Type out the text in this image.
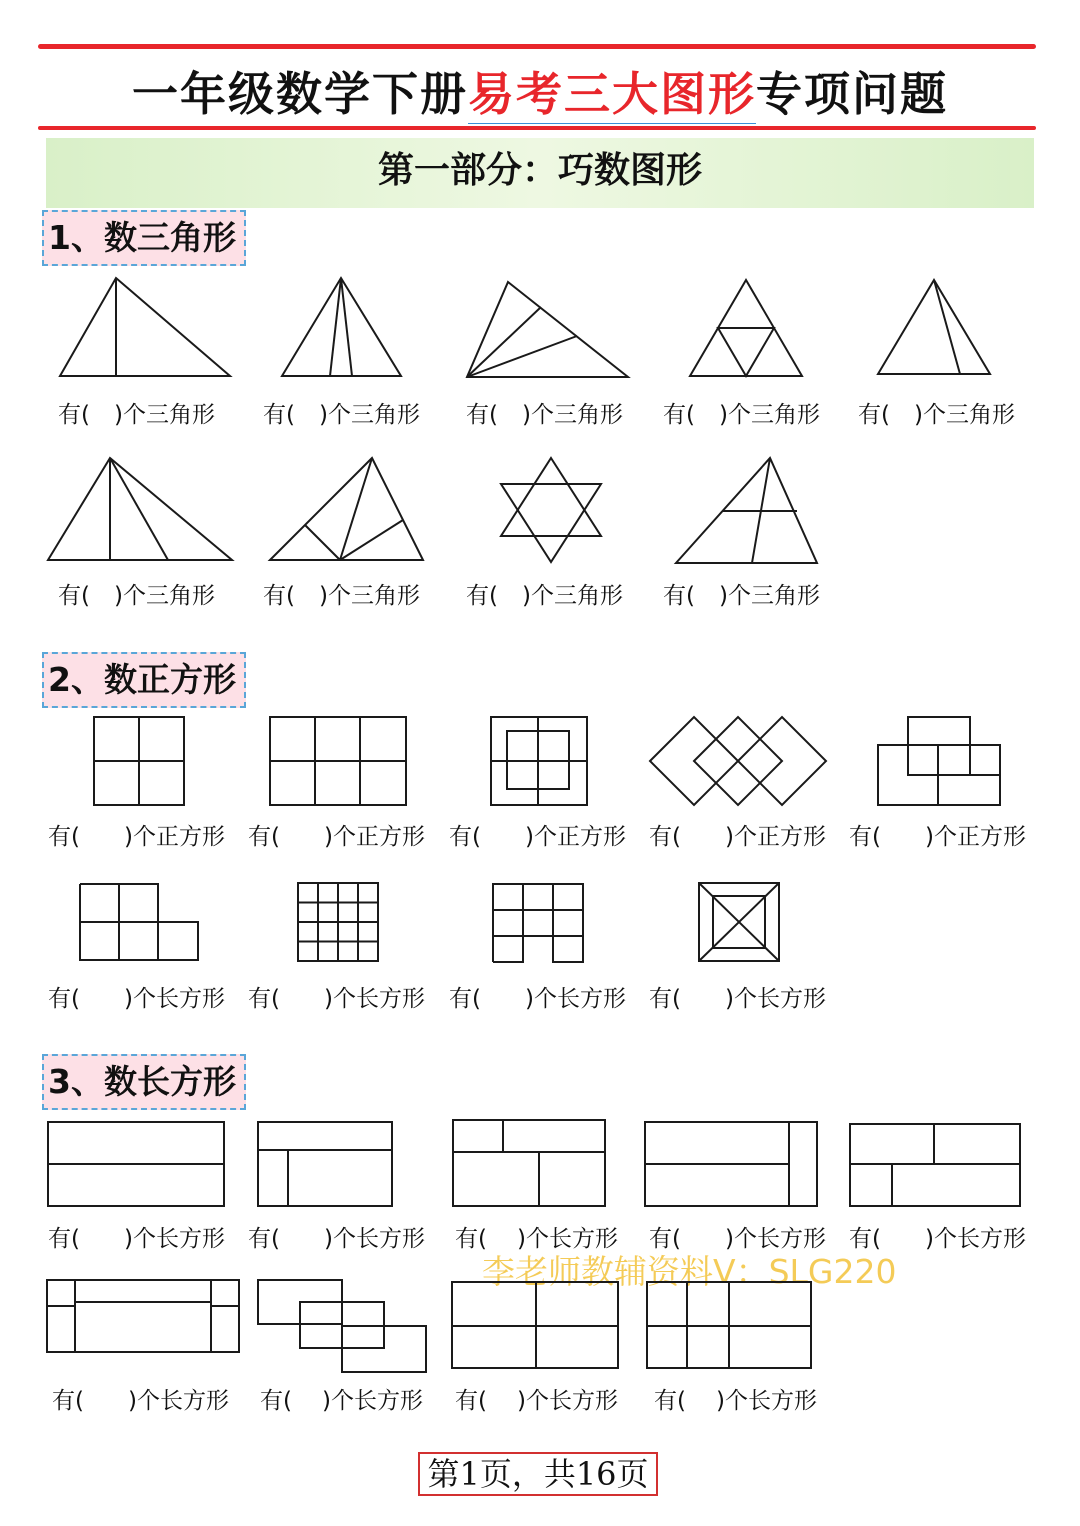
一年级数学下册易考三大图形专项问题
第一部分：巧数图形
1、数三角形
有( )个三角形 有( )个三角形 有( )个三角形 有( )个三角形 有( )个三角形
有( )个三角形 有( )个三角形 有( )个三角形 有( )个三角形
2、数正方形
有( )个正方形 有( )个正方形 有( )个正方形 有( )个正方形 有( )个正方形
有( )个长方形 有( )个长方形 有( )个长方形 有( )个长方形
3、数长方形
有( )个长方形 有( )个长方形 有( )个长方形 有( )个长方形 有( )个长方形
李老师教辅资料V：SLG220
有( )个长方形 有( )个长方形 有( )个长方形 有( )个长方形
第1页，共16页
